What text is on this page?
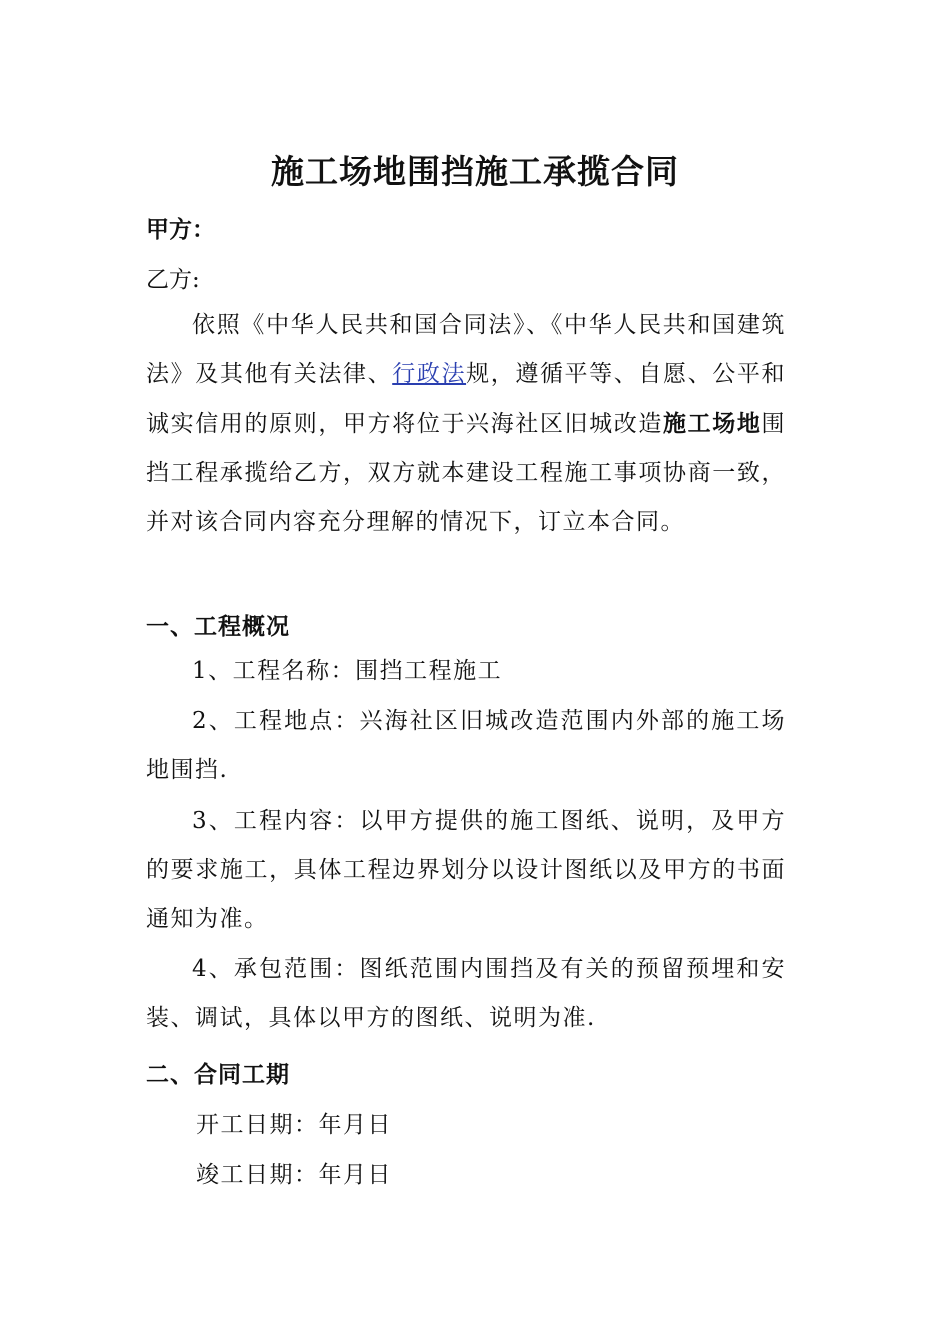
施工场地围挡施工承揽合同
甲方：
乙方:

依照《中华人民共和国合同法》、《中华人民共和国建筑法》及其他有关法律、行政法规，遵循平等、自愿、公平和诚实信用的原则，甲方将位于兴海社区旧城改造施工场地围挡工程承揽给乙方，双方就本建设工程施工事项协商一致，并对该合同内容充分理解的情况下，订立本合同。

一、工程概况

1、工程名称：围挡工程施工

2、工程地点：兴海社区旧城改造范围内外部的施工场地围挡.

3、工程内容：以甲方提供的施工图纸、说明，及甲方的要求施工，具体工程边界划分以设计图纸以及甲方的书面通知为准。

4、承包范围：图纸范围内围挡及有关的预留预埋和安装、调试，具体以甲方的图纸、说明为准.

二、合同工期
开工日期：年月日
竣工日期：年月日
